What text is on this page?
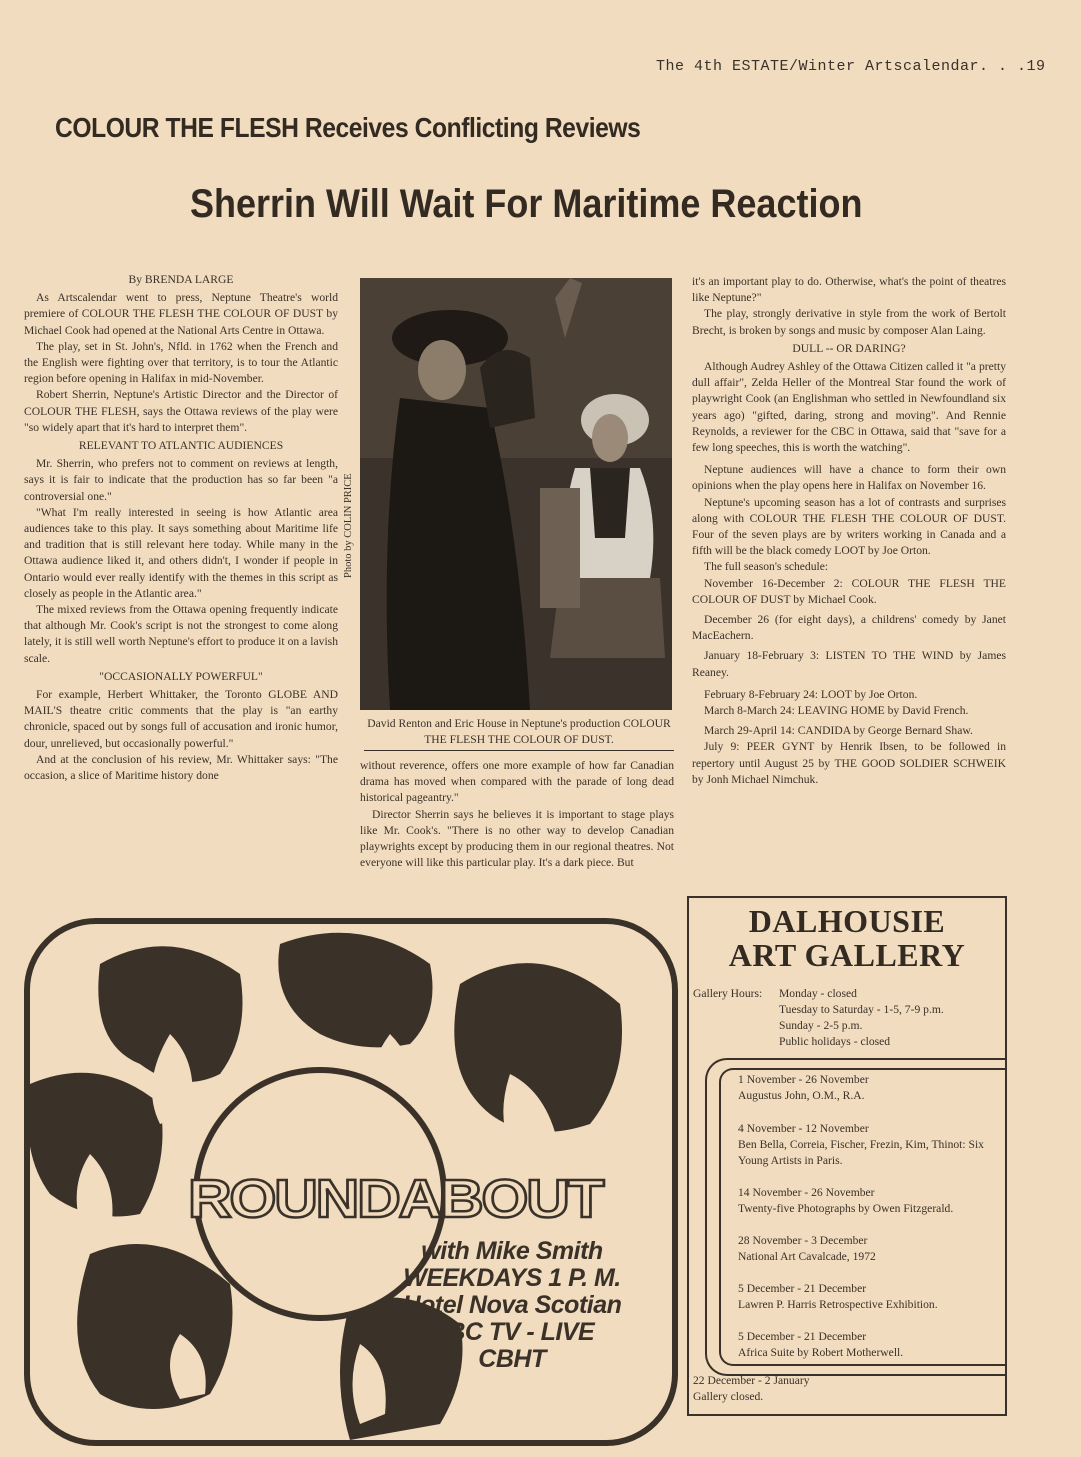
The 4th ESTATE/Winter Artscalendar. . .19
COLOUR THE FLESH Receives Conflicting Reviews
Sherrin Will Wait For Maritime Reaction

By BRENDA LARGE

As Artscalendar went to press, Neptune Theatre's world premiere of COLOUR THE FLESH THE COLOUR OF DUST by Michael Cook had opened at the National Arts Centre in Ottawa.

The play, set in St. John's, Nfld. in 1762 when the French and the English were fighting over that territory, is to tour the Atlantic region before opening in Halifax in mid-November.

Robert Sherrin, Neptune's Artistic Director and the Director of COLOUR THE FLESH, says the Ottawa reviews of the play were "so widely apart that it's hard to interpret them".

RELEVANT TO ATLANTIC AUDIENCES

Mr. Sherrin, who prefers not to comment on reviews at length, says it is fair to indicate that the production has so far been "a controversial one."

"What I'm really interested in seeing is how Atlantic area audiences take to this play. It says something about Maritime life and tradition that is still relevant here today. While many in the Ottawa audience liked it, and others didn't, I wonder if people in Ontario would ever really identify with the themes in this script as closely as people in the Atlantic area."

The mixed reviews from the Ottawa opening frequently indicate that although Mr. Cook's script is not the strongest to come along lately, it is still well worth Neptune's effort to produce it on a lavish scale.

"OCCASIONALLY POWERFUL"

For example, Herbert Whittaker, the Toronto GLOBE AND MAIL'S theatre critic comments that the play is "an earthy chronicle, spaced out by songs full of accusation and ironic humor, dour, unrelieved, but occasionally powerful."

And at the conclusion of his review, Mr. Whittaker says: "The occasion, a slice of Maritime history done

Photo by COLIN PRICE
David Renton and Eric House in Neptune's production COLOUR THE FLESH THE COLOUR OF DUST.

without reverence, offers one more example of how far Canadian drama has moved when compared with the parade of long dead historical pageantry."

Director Sherrin says he believes it is important to stage plays like Mr. Cook's. "There is no other way to develop Canadian playwrights except by producing them in our regional theatres. Not everyone will like this particular play. It's a dark piece. But

it's an important play to do. Otherwise, what's the point of theatres like Neptune?"

The play, strongly derivative in style from the work of Bertolt Brecht, is broken by songs and music by composer Alan Laing.

DULL -- OR DARING?

Although Audrey Ashley of the Ottawa Citizen called it "a pretty dull affair", Zelda Heller of the Montreal Star found the work of playwright Cook (an Englishman who settled in Newfoundland six years ago) "gifted, daring, strong and moving". And Rennie Reynolds, a reviewer for the CBC in Ottawa, said that "save for a few long speeches, this is worth the watching".

Neptune audiences will have a chance to form their own opinions when the play opens here in Halifax on November 16.

Neptune's upcoming season has a lot of contrasts and surprises along with COLOUR THE FLESH THE COLOUR OF DUST. Four of the seven plays are by writers working in Canada and a fifth will be the black comedy LOOT by Joe Orton.

The full season's schedule:

November 16-December 2: COLOUR THE FLESH THE COLOUR OF DUST by Michael Cook.

December 26 (for eight days), a childrens' comedy by Janet MacEachern.

January 18-February 3: LISTEN TO THE WIND by James Reaney.

February 8-February 24: LOOT by Joe Orton.

March 8-March 24: LEAVING HOME by David French.

March 29-April 14: CANDIDA by George Bernard Shaw.

July 9: PEER GYNT by Henrik Ibsen, to be followed in repertory until August 25 by THE GOOD SOLDIER SCHWEIK by Jonh Michael Nimchuk.

ROUNDABOUT
with Mike Smith
WEEKDAYS 1 P. M.
Hotel Nova Scotian
CBC TV - LIVE
CBHT
DALHOUSIE
ART GALLERY
Gallery Hours:	Monday - closed
Tuesday to Saturday - 1-5, 7-9 p.m.
Sunday - 2-5 p.m.
Public holidays - closed
1 November - 26 November
Augustus John, O.M., R.A.
4 November - 12 November
Ben Bella, Correia, Fischer, Frezin, Kim, Thinot: Six Young Artists in Paris.
14 November - 26 November
Twenty-five Photographs by Owen Fitzgerald.
28 November - 3 December
National Art Cavalcade, 1972
5 December - 21 December
Lawren P. Harris Retrospective Exhibition.
5 December - 21 December
Africa Suite by Robert Motherwell.
22 December - 2 January
Gallery closed.
